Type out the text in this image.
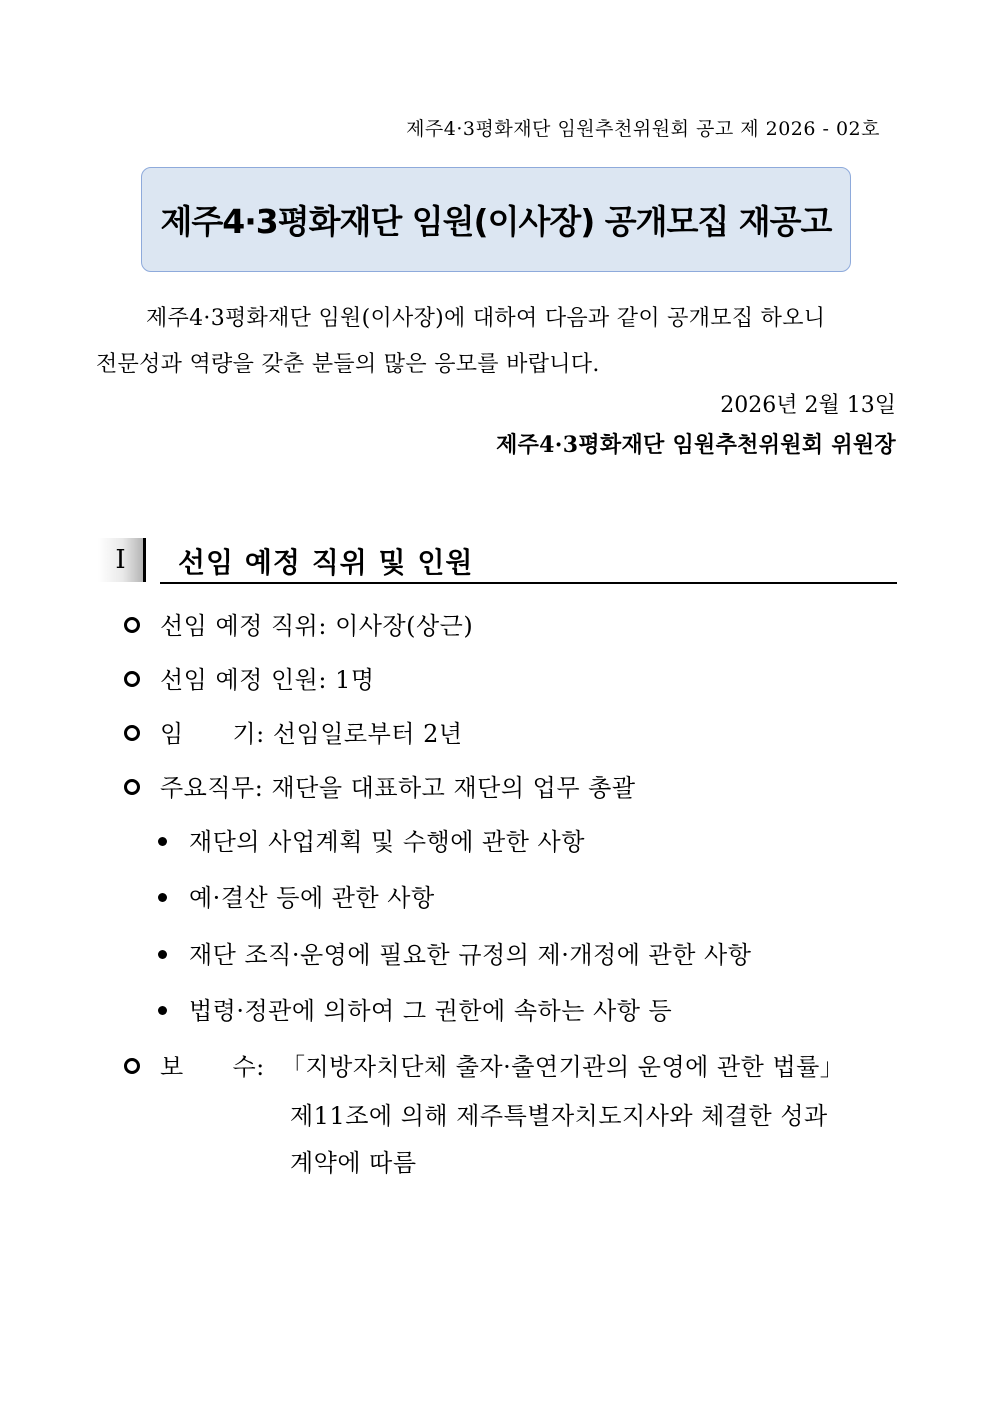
제주4·3평화재단 임원추천위원회 공고 제 2026 - 02호
제주4·3평화재단 임원(이사장) 공개모집 재공고
제주4·3평화재단 임원(이사장)에 대하여 다음과 같이 공개모집 하오니
전문성과 역량을 갖춘 분들의 많은 응모를 바랍니다.
2026년 2월 13일
제주4·3평화재단 임원추천위원회 위원장
Ⅰ	선임 예정 직위 및 인원
선임 예정 직위: 이사장(상근)
선임 예정 인원: 1명
임      기: 선임일로부터 2년
주요직무: 재단을 대표하고 재단의 업무 총괄
재단의 사업계획 및 수행에 관한 사항
예·결산 등에 관한 사항
재단 조직·운영에 필요한 규정의 제·개정에 관한 사항
법령·정관에 의하여 그 권한에 속하는 사항 등
보      수:  「지방자치단체 출자·출연기관의 운영에 관한 법률」
제11조에 의해 제주특별자치도지사와 체결한 성과
계약에 따름
